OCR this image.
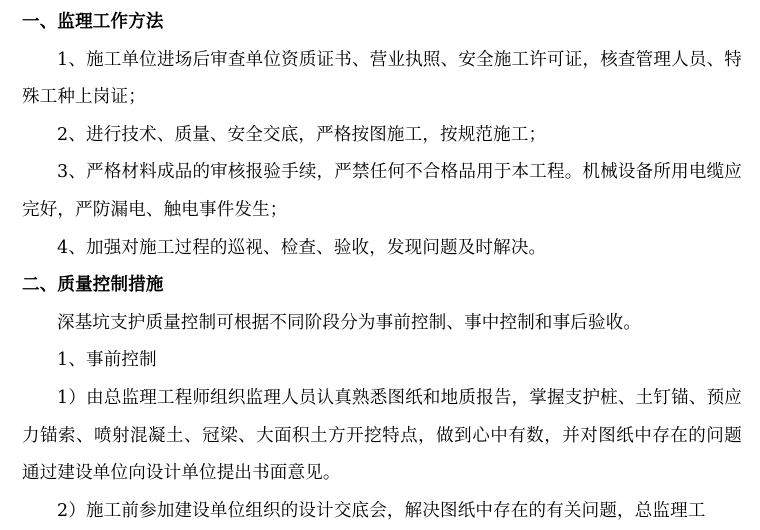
一、监理工作方法

1、施工单位进场后审查单位资质证书、营业执照、安全施工许可证，核查管理人员、特殊工种上岗证；

2、进行技术、质量、安全交底，严格按图施工，按规范施工；

3、严格材料成品的审核报验手续，严禁任何不合格品用于本工程。机械设备所用电缆应完好，严防漏电、触电事件发生；

4、加强对施工过程的巡视、检查、验收，发现问题及时解决。

二、质量控制措施

深基坑支护质量控制可根据不同阶段分为事前控制、事中控制和事后验收。

1、事前控制

1）由总监理工程师组织监理人员认真熟悉图纸和地质报告，掌握支护桩、土钉锚、预应力锚索、喷射混凝土、冠梁、大面积土方开挖特点，做到心中有数，并对图纸中存在的问题通过建设单位向设计单位提出书面意见。

2）施工前参加建设单位组织的设计交底会，解决图纸中存在的有关问题，总监理工
